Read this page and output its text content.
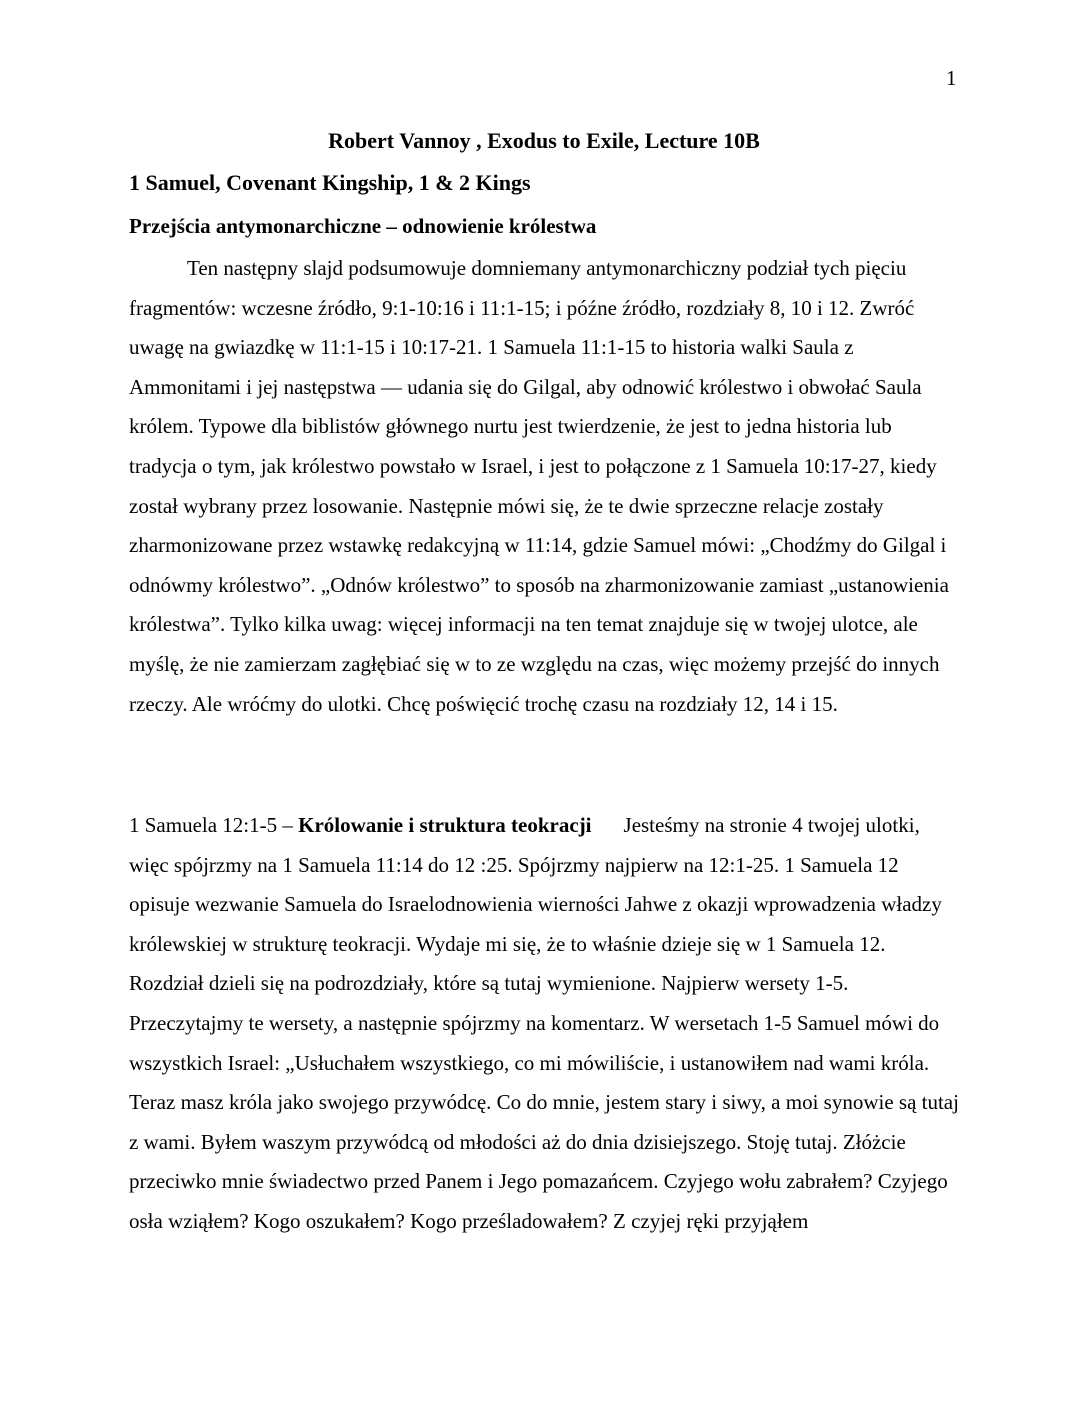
1
Robert Vannoy , Exodus to Exile, Lecture 10B
1 Samuel, Covenant Kingship, 1 & 2 Kings
Przejścia antymonarchiczne – odnowienie królestwa

Ten następny slajd podsumowuje domniemany antymonarchiczny podział tych pięciu fragmentów: wczesne źródło, 9:1-10:16 i 11:1-15; i późne źródło, rozdziały 8, 10 i 12. Zwróć uwagę na gwiazdkę w 11:1-15 i 10:17-21. 1 Samuela 11:1-15 to historia walki Saula z Ammonitami i jej następstwa — udania się do Gilgal, aby odnowić królestwo i obwołać Saula królem. Typowe dla biblistów głównego nurtu jest twierdzenie, że jest to jedna historia lub tradycja o tym, jak królestwo powstało w Israel, i jest to połączone z 1 Samuela 10:17-27, kiedy został wybrany przez losowanie. Następnie mówi się, że te dwie sprzeczne relacje zostały zharmonizowane przez wstawkę redakcyjną w 11:14, gdzie Samuel mówi: „Chodźmy do Gilgal i odnówmy królestwo”. „Odnów królestwo” to sposób na zharmonizowanie zamiast „ustanowienia królestwa”. Tylko kilka uwag: więcej informacji na ten temat znajduje się w twojej ulotce, ale myślę, że nie zamierzam zagłębiać się w to ze względu na czas, więc możemy przejść do innych rzeczy. Ale wróćmy do ulotki. Chcę poświęcić trochę czasu na rozdziały 12, 14 i 15.

1 Samuela 12:1-5 – Królowanie i struktura teokracji Jesteśmy na stronie 4 twojej ulotki, więc spójrzmy na 1 Samuela 11:14 do 12 :25. Spójrzmy najpierw na 12:1-25. 1 Samuela 12 opisuje wezwanie Samuela do Israelodnowienia wierności Jahwe z okazji wprowadzenia władzy królewskiej w strukturę teokracji. Wydaje mi się, że to właśnie dzieje się w 1 Samuela 12. Rozdział dzieli się na podrozdziały, które są tutaj wymienione. Najpierw wersety 1-5. Przeczytajmy te wersety, a następnie spójrzmy na komentarz. W wersetach 1-5 Samuel mówi do wszystkich Israel: „Usłuchałem wszystkiego, co mi mówiliście, i ustanowiłem nad wami króla. Teraz masz króla jako swojego przywódcę. Co do mnie, jestem stary i siwy, a moi synowie są tutaj z wami. Byłem waszym przywódcą od młodości aż do dnia dzisiejszego. Stoję tutaj. Złóżcie przeciwko mnie świadectwo przed Panem i Jego pomazańcem. Czyjego wołu zabrałem? Czyjego osła wziąłem? Kogo oszukałem? Kogo prześladowałem? Z czyjej ręki przyjąłem
